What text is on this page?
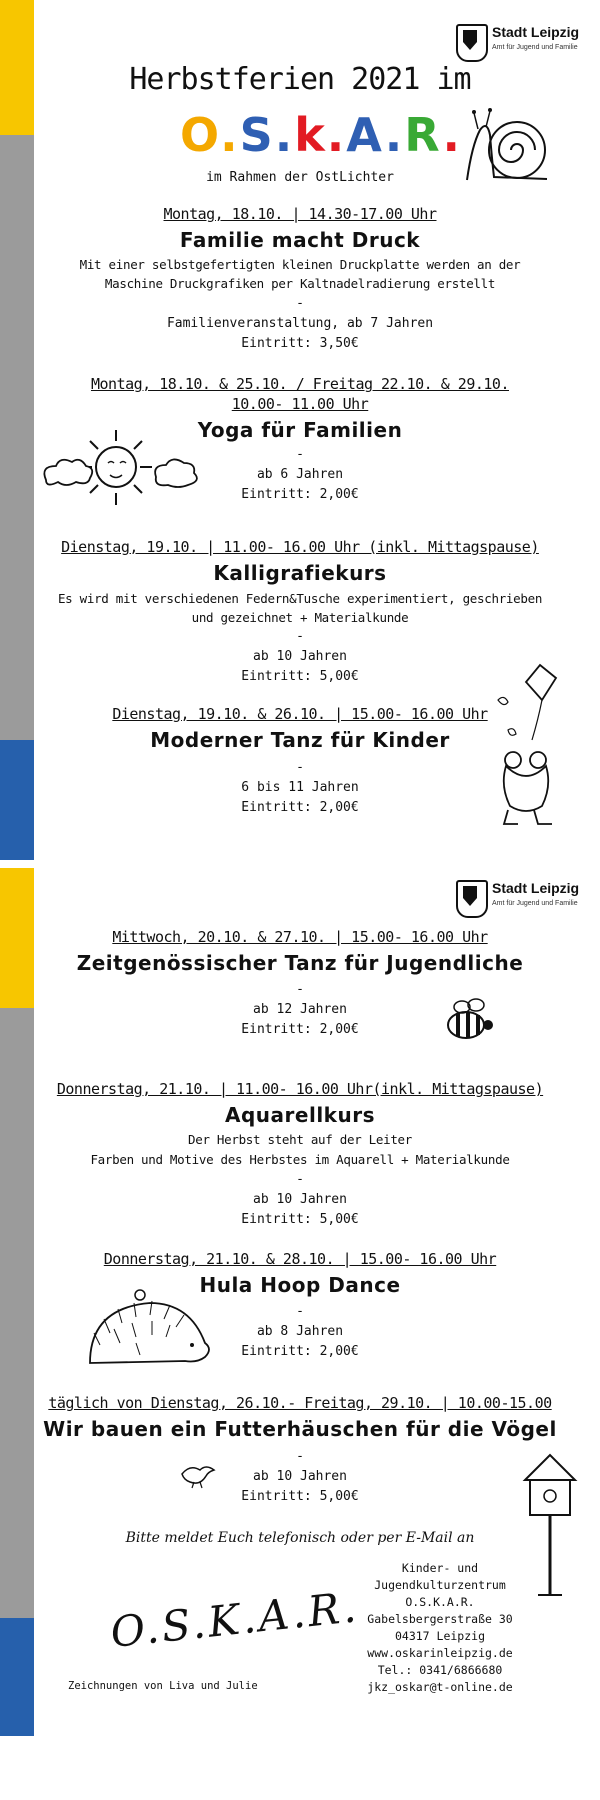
Stadt Leipzig
Amt für Jugend und Familie
Stadt Leipzig
Amt für Jugend und Familie
Herbstferien 2021 im
O.S.k.A.R.
im Rahmen der OstLichter
Montag, 18.10. | 14.30-17.00 Uhr
Familie macht Druck
Mit einer selbstgefertigten kleinen Druckplatte werden an der
Maschine Druckgrafiken per Kaltnadelradierung erstellt
-
Familienveranstaltung, ab 7 Jahren
Eintritt: 3,50€
Montag, 18.10. & 25.10. / Freitag 22.10. & 29.10.
10.00- 11.00 Uhr
Yoga für Familien
-
ab 6 Jahren
Eintritt: 2,00€
Dienstag, 19.10. | 11.00- 16.00 Uhr (inkl. Mittagspause)
Kalligrafiekurs
Es wird mit verschiedenen Federn&Tusche experimentiert, geschrieben
und gezeichnet + Materialkunde
-
ab 10 Jahren
Eintritt: 5,00€
Dienstag, 19.10. & 26.10. | 15.00- 16.00 Uhr
Moderner Tanz für Kinder
-
6 bis 11 Jahren
Eintritt: 2,00€
Mittwoch, 20.10. & 27.10. | 15.00- 16.00 Uhr
Zeitgenössischer Tanz für Jugendliche
-
ab 12 Jahren
Eintritt: 2,00€
Donnerstag, 21.10. | 11.00- 16.00 Uhr(inkl. Mittagspause)
Aquarellkurs
Der Herbst steht auf der Leiter
Farben und Motive des Herbstes im Aquarell + Materialkunde
-
ab 10 Jahren
Eintritt: 5,00€
Donnerstag, 21.10. & 28.10. | 15.00- 16.00 Uhr
Hula Hoop Dance
-
ab 8 Jahren
Eintritt: 2,00€
täglich von Dienstag, 26.10.- Freitag, 29.10. | 10.00-15.00
Wir bauen ein Futterhäuschen für die Vögel
-
ab 10 Jahren
Eintritt: 5,00€
Bitte meldet Euch telefonisch oder per E-Mail an
O.S.K.A.R.
Zeichnungen von Liva und Julie
Kinder- und
Jugendkulturzentrum
O.S.K.A.R.
Gabelsbergerstraße 30
04317 Leipzig
www.oskarinleipzig.de
Tel.: 0341/6866680
jkz_oskar@t-online.de
